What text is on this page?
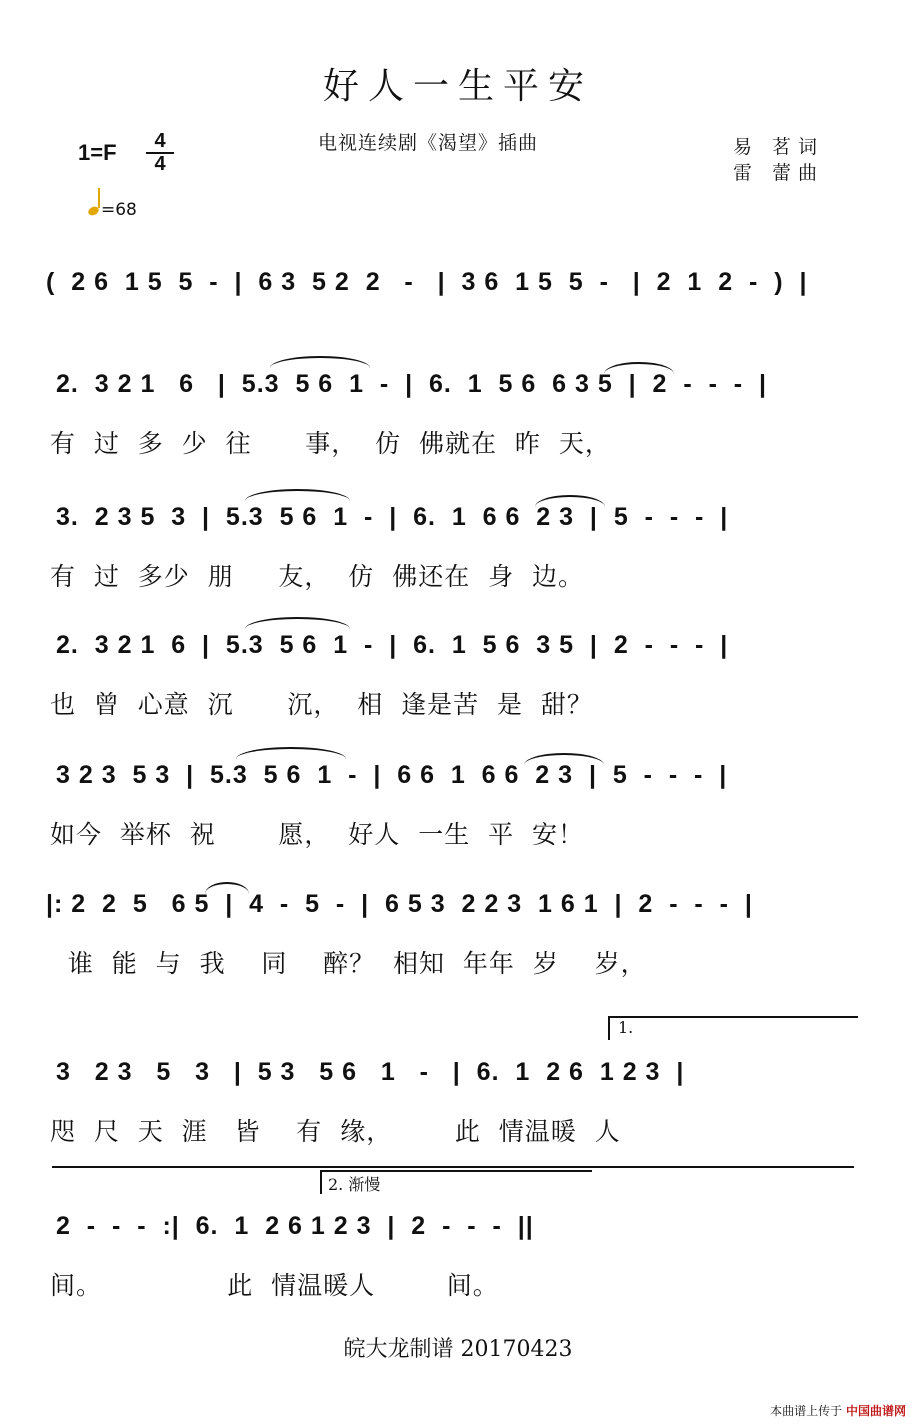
好人一生平安
1=F	4
4
电视连续剧《渴望》插曲	易 茗词
雷 蕾曲
=68
(  2 6  1 5  5  -  |  6 3  5 2  2   -   |  3 6  1 5  5  -   |  2  1  2  -  )  |
2.  3 2 1   6   |  5.3  5 6  1  -  |  6.  1  5 6  6 3 5  |  2  -  -  -  |
有  过  多  少  往      事，  仿  佛就在  昨  天，
3.  2 3 5  3  |  5.3  5 6  1  -  |  6.  1  6 6  2 3  |  5  -  -  -  |
有  过  多少  朋     友，  仿  佛还在  身  边。
2.  3 2 1  6  |  5.3  5 6  1  -  |  6.  1  5 6  3 5  |  2  -  -  -  |
也  曾  心意  沉      沉，  相  逢是苦  是  甜？
3 2 3  5 3  |  5.3  5 6  1  -  |  6 6  1  6 6  2 3  |  5  -  -  -  |
如今  举杯  祝       愿，  好人  一生  平  安！
|: 2  2  5   6 5  |  4  -  5  -  |  6 5 3  2 2 3  1 6 1  |  2  -  -  -  |
谁  能  与  我    同    醉？  相知  年年  岁    岁，
1.
3   2 3   5   3   |  5 3   5 6   1   -   |  6.  1  2 6  1 2 3  |
咫  尺  天  涯   皆    有  缘，       此  情温暖  人
2. 渐慢
2  -  -  -  :|  6.  1  2 6 1 2 3  |  2  -  -  -  ||
间。              此  情温暖人        间。
皖大龙制谱 20170423
本曲谱上传于 中国曲谱网
